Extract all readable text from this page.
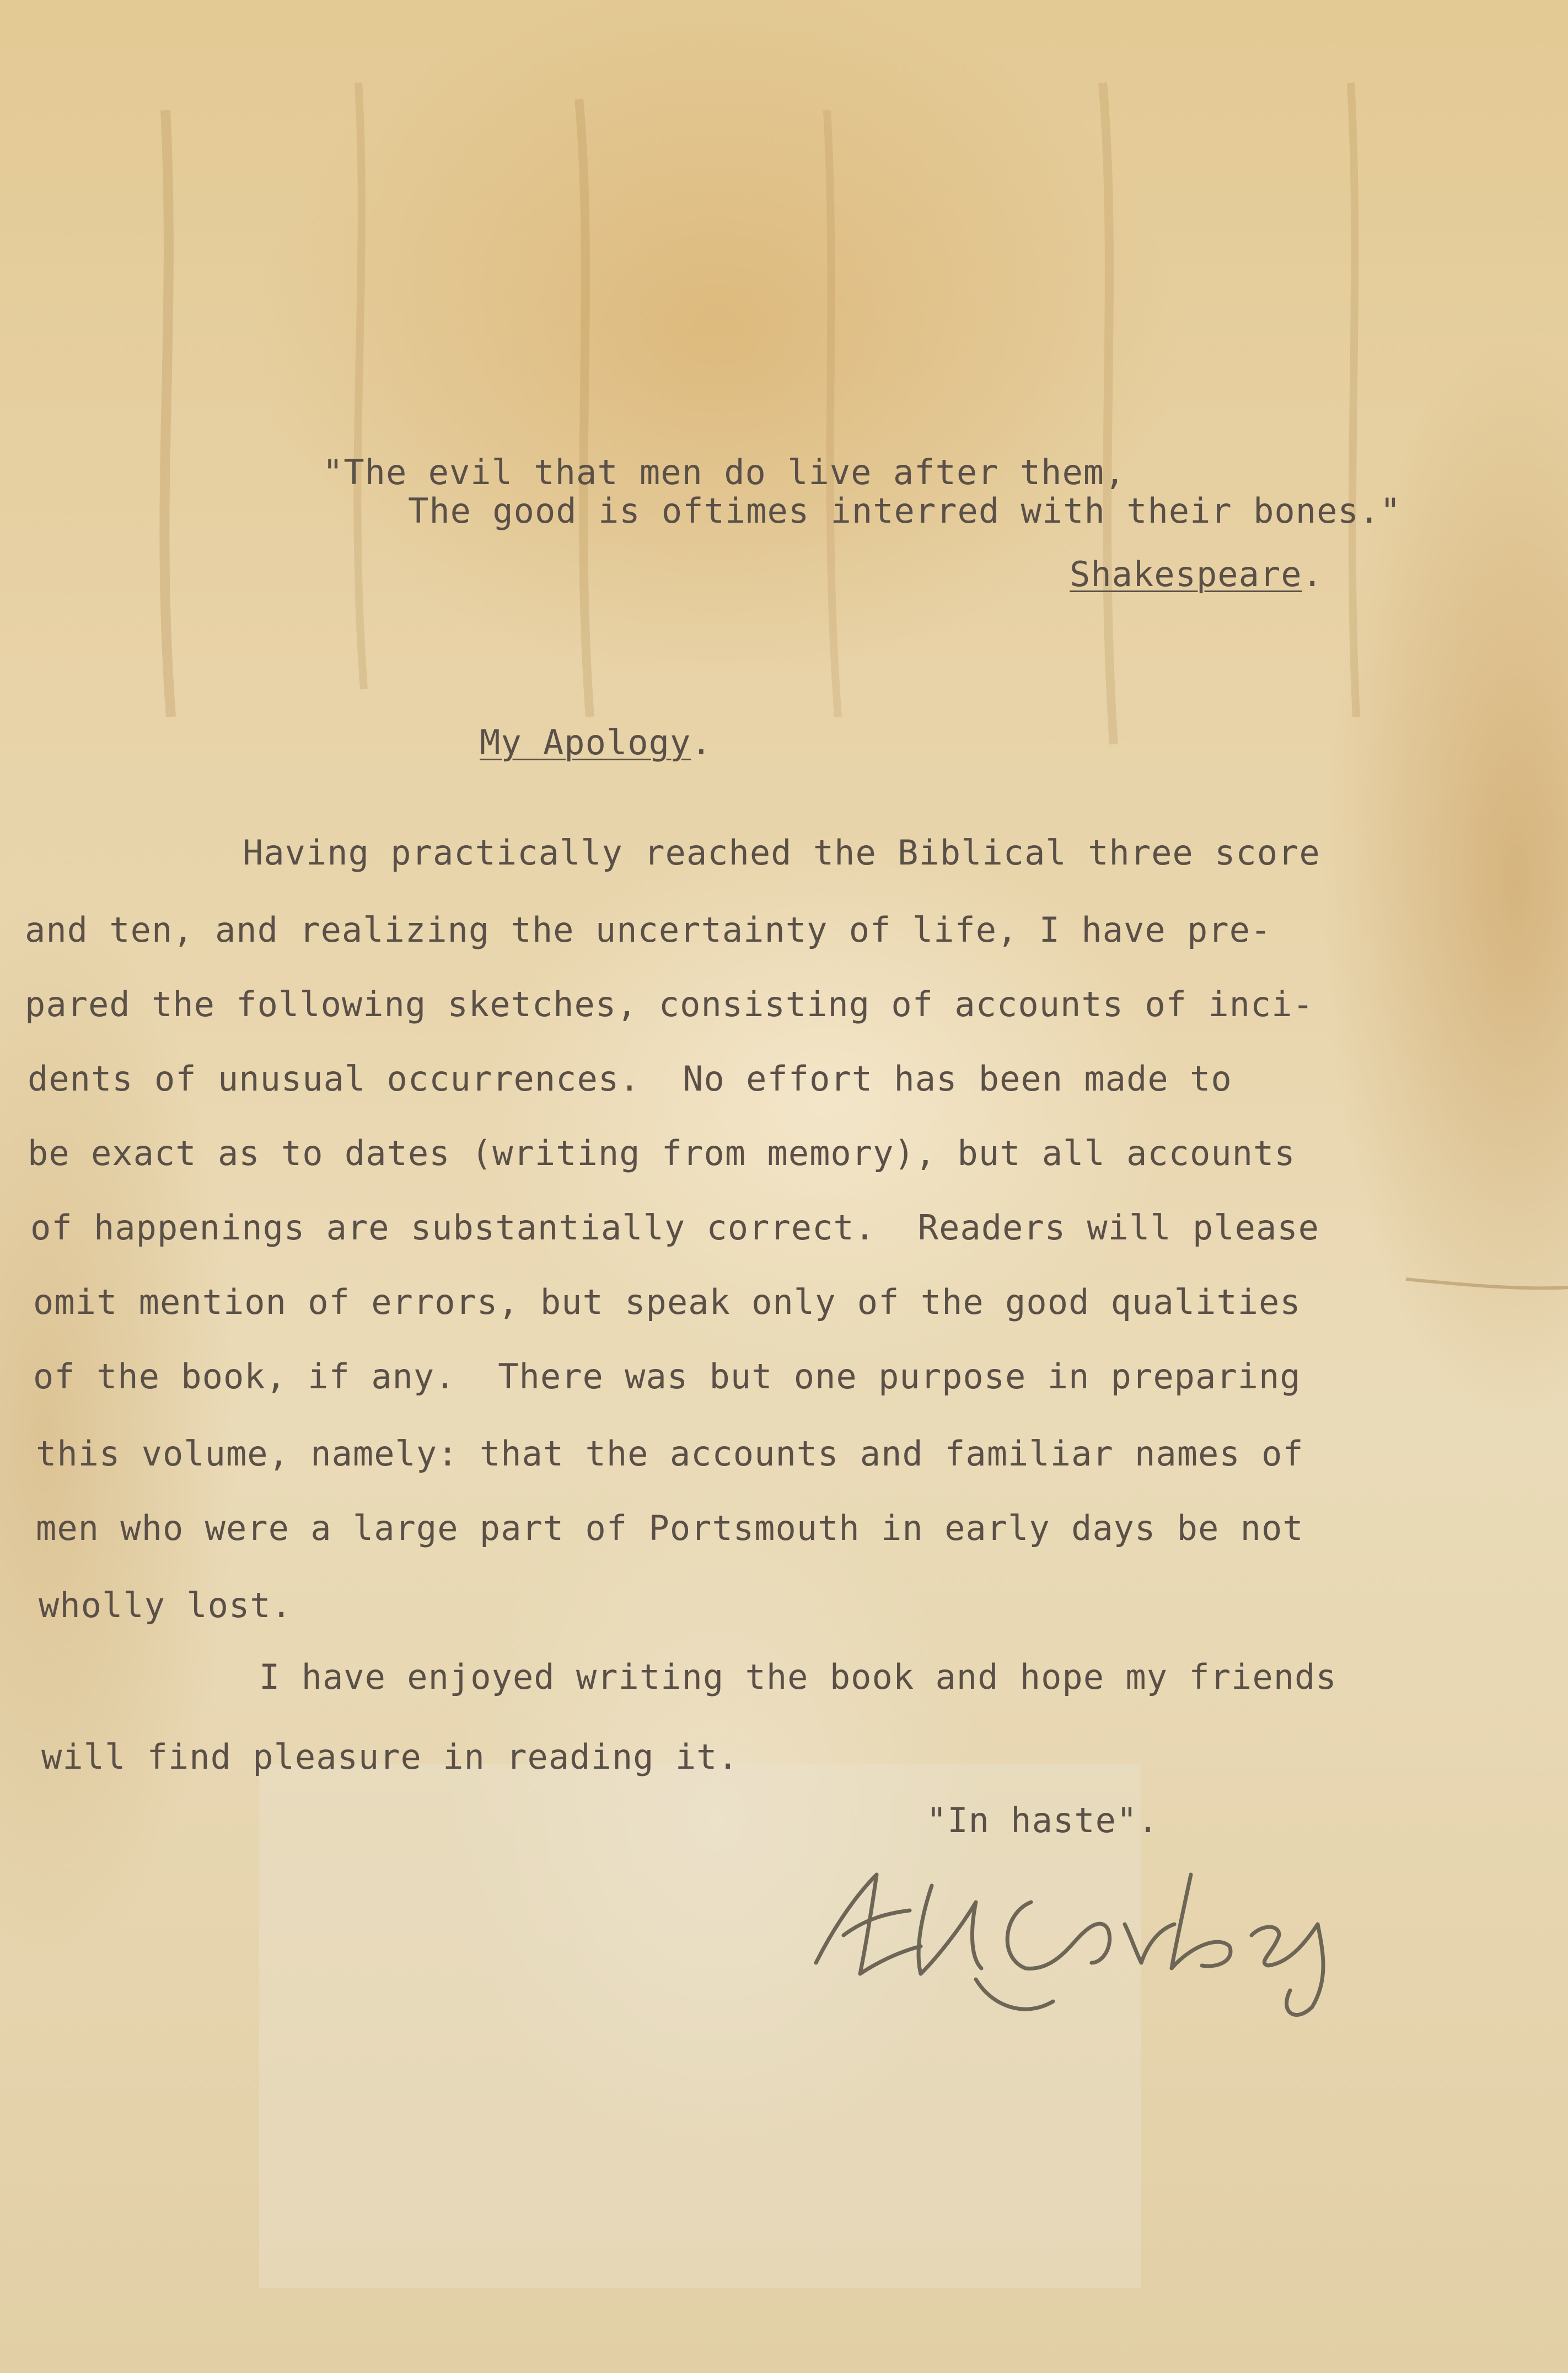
"The evil that men do live after them,
The good is oftimes interred with their bones."
Shakespeare.
My Apology.
Having practically reached the Biblical three score
and ten, and realizing the uncertainty of life, I have pre-
pared the following sketches, consisting of accounts of inci-
dents of unusual occurrences.  No effort has been made to
be exact as to dates (writing from memory), but all accounts
of happenings are substantially correct.  Readers will please
omit mention of errors, but speak only of the good qualities
of the book, if any.  There was but one purpose in preparing
this volume, namely: that the accounts and familiar names of
men who were a large part of Portsmouth in early days be not
wholly lost.
I have enjoyed writing the book and hope my friends
will find pleasure in reading it.
"In haste".
